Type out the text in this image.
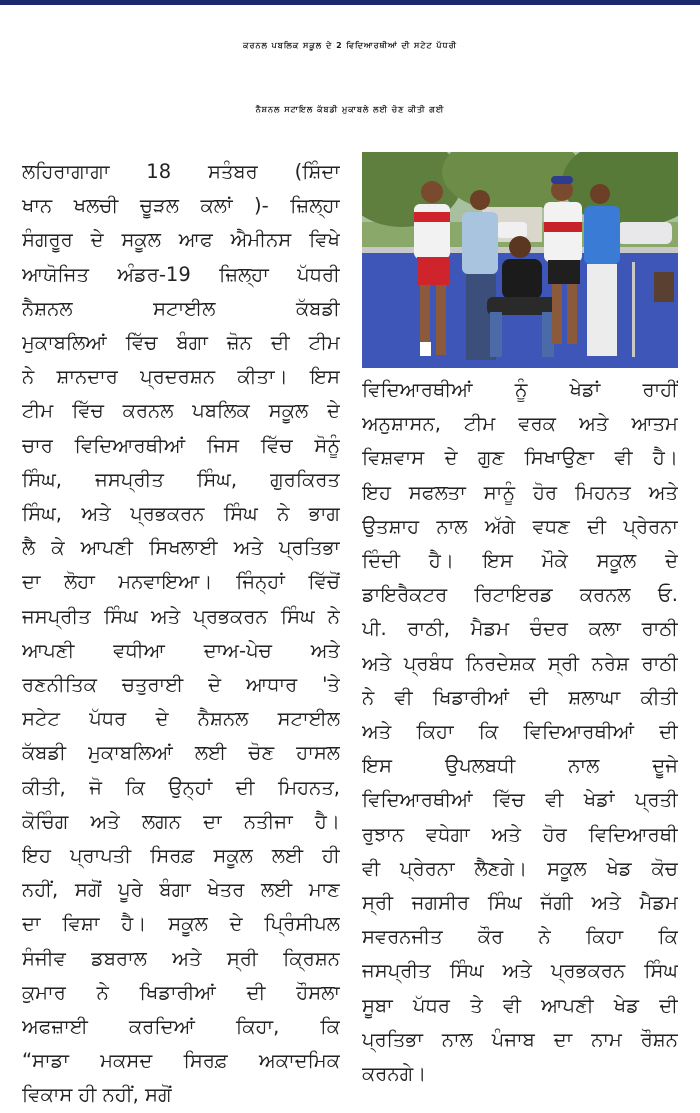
ਕਰਨਲ ਪਬਲਿਕ ਸਕੂਲ ਦੇ 2 ਵਿਦਿਆਰਥੀਆਂ ਦੀ ਸਟੇਟ ਪੱਧਰੀ
ਨੈਸ਼ਨਲ ਸਟਾਇਲ ਕੱਬਡੀ ਮੁਕਾਬਲੇ ਲਈ ਚੋਣ ਕੀਤੀ ਗਈ
ਲਹਿਰਾਗਾਗਾ 18 ਸਤੰਬਰ (ਸ਼ਿੰਦਾ
ਖਾਨ ਖਲਚੀ ਚੂੜਲ ਕਲਾਂ )- ਜ਼ਿਲ੍ਹਾ
ਸੰਗਰੂਰ ਦੇ ਸਕੂਲ ਆਫ ਐਮੀਨਸ ਵਿਖੇ
ਆਯੋਜਿਤ ਅੰਡਰ-19 ਜ਼ਿਲ੍ਹਾ ਪੱਧਰੀ
ਨੈਸ਼ਨਲ ਸਟਾਈਲ ਕੱਬਡੀ
ਮੁਕਾਬਲਿਆਂ ਵਿੱਚ ਬੰਗਾ ਜ਼ੋਨ ਦੀ ਟੀਮ
ਨੇ ਸ਼ਾਨਦਾਰ ਪ੍ਰਦਰਸ਼ਨ ਕੀਤਾ। ਇਸ
ਟੀਮ ਵਿੱਚ ਕਰਨਲ ਪਬਲਿਕ ਸਕੂਲ ਦੇ
ਚਾਰ ਵਿਦਿਆਰਥੀਆਂ ਜਿਸ ਵਿੱਚ ਸੋਨੂੰ
ਸਿੰਘ, ਜਸਪ੍ਰੀਤ ਸਿੰਘ, ਗੁਰਕਿਰਤ
ਸਿੰਘ, ਅਤੇ ਪ੍ਰਭਕਰਨ ਸਿੰਘ ਨੇ ਭਾਗ
ਲੈ ਕੇ ਆਪਣੀ ਸਿਖਲਾਈ ਅਤੇ ਪ੍ਰਤਿਭਾ
ਦਾ ਲੋਹਾ ਮਨਵਾਇਆ। ਜਿੰਨ੍ਹਾਂ ਵਿੱਚੋਂ
ਜਸਪ੍ਰੀਤ ਸਿੰਘ ਅਤੇ ਪ੍ਰਭਕਰਨ ਸਿੰਘ ਨੇ
ਆਪਣੀ ਵਧੀਆ ਦਾਅ-ਪੇਚ ਅਤੇ
ਰਣਨੀਤਿਕ ਚਤੁਰਾਈ ਦੇ ਆਧਾਰ 'ਤੇ
ਸਟੇਟ ਪੱਧਰ ਦੇ ਨੈਸ਼ਨਲ ਸਟਾਈਲ
ਕੱਬਡੀ ਮੁਕਾਬਲਿਆਂ ਲਈ ਚੋਣ ਹਾਸਲ
ਕੀਤੀ, ਜੋ ਕਿ ਉਨ੍ਹਾਂ ਦੀ ਮਿਹਨਤ,
ਕੋਚਿੰਗ ਅਤੇ ਲਗਨ ਦਾ ਨਤੀਜਾ ਹੈ।
ਇਹ ਪ੍ਰਾਪਤੀ ਸਿਰਫ਼ ਸਕੂਲ ਲਈ ਹੀ
ਨਹੀਂ, ਸਗੋਂ ਪੂਰੇ ਬੰਗਾ ਖੇਤਰ ਲਈ ਮਾਣ
ਦਾ ਵਿਸ਼ਾ ਹੈ। ਸਕੂਲ ਦੇ ਪ੍ਰਿੰਸੀਪਲ
ਸੰਜੀਵ ਡਬਰਾਲ ਅਤੇ ਸ੍ਰੀ ਕ੍ਰਿਸ਼ਨ
ਕੁਮਾਰ ਨੇ ਖਿਡਾਰੀਆਂ ਦੀ ਹੌਸਲਾ
ਅਫਜ਼ਾਈ ਕਰਦਿਆਂ ਕਿਹਾ, ਕਿ
“ਸਾਡਾ ਮਕਸਦ ਸਿਰਫ਼ ਅਕਾਦਮਿਕ
ਵਿਕਾਸ ਹੀ ਨਹੀਂ, ਸਗੋਂ
ਵਿਦਿਆਰਥੀਆਂ ਨੂੰ ਖੇਡਾਂ ਰਾਹੀਂ
ਅਨੁਸ਼ਾਸਨ, ਟੀਮ ਵਰਕ ਅਤੇ ਆਤਮ
ਵਿਸ਼ਵਾਸ ਦੇ ਗੁਣ ਸਿਖਾਉਣਾ ਵੀ ਹੈ।
ਇਹ ਸਫਲਤਾ ਸਾਨੂੰ ਹੋਰ ਮਿਹਨਤ ਅਤੇ
ਉਤਸ਼ਾਹ ਨਾਲ ਅੱਗੇ ਵਧਣ ਦੀ ਪ੍ਰੇਰਨਾ
ਦਿੰਦੀ ਹੈ। ਇਸ ਮੌਕੇ ਸਕੂਲ ਦੇ
ਡਾਇਰੈਕਟਰ ਰਿਟਾਇਰਡ ਕਰਨਲ ਓ.
ਪੀ. ਰਾਠੀ, ਮੈਡਮ ਚੰਦਰ ਕਲਾ ਰਾਠੀ
ਅਤੇ ਪ੍ਰਬੰਧ ਨਿਰਦੇਸ਼ਕ ਸ੍ਰੀ ਨਰੇਸ਼ ਰਾਠੀ
ਨੇ ਵੀ ਖਿਡਾਰੀਆਂ ਦੀ ਸ਼ਲਾਘਾ ਕੀਤੀ
ਅਤੇ ਕਿਹਾ ਕਿ ਵਿਦਿਆਰਥੀਆਂ ਦੀ
ਇਸ ਉਪਲਬਧੀ ਨਾਲ ਦੂਜੇ
ਵਿਦਿਆਰਥੀਆਂ ਵਿੱਚ ਵੀ ਖੇਡਾਂ ਪ੍ਰਤੀ
ਰੁਝਾਨ ਵਧੇਗਾ ਅਤੇ ਹੋਰ ਵਿਦਿਆਰਥੀ
ਵੀ ਪ੍ਰੇਰਨਾ ਲੈਣਗੇ। ਸਕੂਲ ਖੇਡ ਕੋਚ
ਸ੍ਰੀ ਜਗਸੀਰ ਸਿੰਘ ਜੱਗੀ ਅਤੇ ਮੈਡਮ
ਸਵਰਨਜੀਤ ਕੌਰ ਨੇ ਕਿਹਾ ਕਿ
ਜਸਪ੍ਰੀਤ ਸਿੰਘ ਅਤੇ ਪ੍ਰਭਕਰਨ ਸਿੰਘ
ਸੂਬਾ ਪੱਧਰ ਤੇ ਵੀ ਆਪਣੀ ਖੇਡ ਦੀ
ਪ੍ਰਤਿਭਾ ਨਾਲ ਪੰਜਾਬ ਦਾ ਨਾਮ ਰੌਸ਼ਨ
ਕਰਨਗੇ।
